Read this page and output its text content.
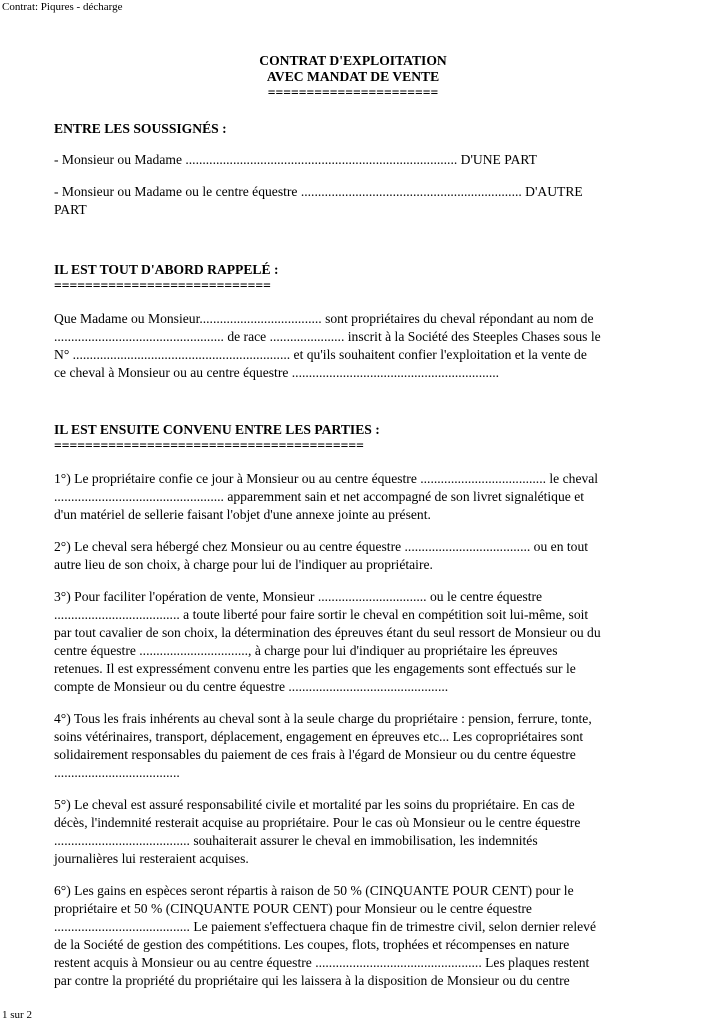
Contrat: Piqures - décharge
CONTRAT D'EXPLOITATION
AVEC MANDAT DE VENTE
======================
ENTRE LES SOUSSIGNÉS :

- Monsieur ou Madame ................................................................................ D'UNE PART

- Monsieur ou Madame ou le centre équestre ................................................................. D'AUTRE
PART

IL EST TOUT D'ABORD RAPPELÉ :
============================

Que Madame ou Monsieur.................................... sont propriétaires du cheval répondant au nom de
.................................................. de race ...................... inscrit à la Société des Steeples Chases sous le
N° ................................................................ et qu'ils souhaitent confier l'exploitation et la vente de
ce cheval à Monsieur ou au centre équestre .............................................................

IL EST ENSUITE CONVENU ENTRE LES PARTIES :
========================================

1°) Le propriétaire confie ce jour à Monsieur ou au centre équestre ..................................... le cheval
.................................................. apparemment sain et net accompagné de son livret signalétique et
d'un matériel de sellerie faisant l'objet d'une annexe jointe au présent.

2°) Le cheval sera hébergé chez Monsieur ou au centre équestre ..................................... ou en tout
autre lieu de son choix, à charge pour lui de l'indiquer au propriétaire.

3°) Pour faciliter l'opération de vente, Monsieur ................................ ou le centre équestre
..................................... a toute liberté pour faire sortir le cheval en compétition soit lui-même, soit
par tout cavalier de son choix, la détermination des épreuves étant du seul ressort de Monsieur ou du
centre équestre ................................, à charge pour lui d'indiquer au propriétaire les épreuves
retenues. Il est expressément convenu entre les parties que les engagements sont effectués sur le
compte de Monsieur ou du centre équestre ...............................................

4°) Tous les frais inhérents au cheval sont à la seule charge du propriétaire : pension, ferrure, tonte,
soins vétérinaires, transport, déplacement, engagement en épreuves etc... Les copropriétaires sont
solidairement responsables du paiement de ces frais à l'égard de Monsieur ou du centre équestre
.....................................

5°) Le cheval est assuré responsabilité civile et mortalité par les soins du propriétaire. En cas de
décès, l'indemnité resterait acquise au propriétaire. Pour le cas où Monsieur ou le centre équestre
........................................ souhaiterait assurer le cheval en immobilisation, les indemnités
journalières lui resteraient acquises.

6°) Les gains en espèces seront répartis à raison de 50 % (CINQUANTE POUR CENT) pour le
propriétaire et 50 % (CINQUANTE POUR CENT) pour Monsieur ou le centre équestre
........................................ Le paiement s'effectuera chaque fin de trimestre civil, selon dernier relevé
de la Société de gestion des compétitions. Les coupes, flots, trophées et récompenses en nature
restent acquis à Monsieur ou au centre équestre ................................................. Les plaques restent
par contre la propriété du propriétaire qui les laissera à la disposition de Monsieur ou du centre

1 sur 2
